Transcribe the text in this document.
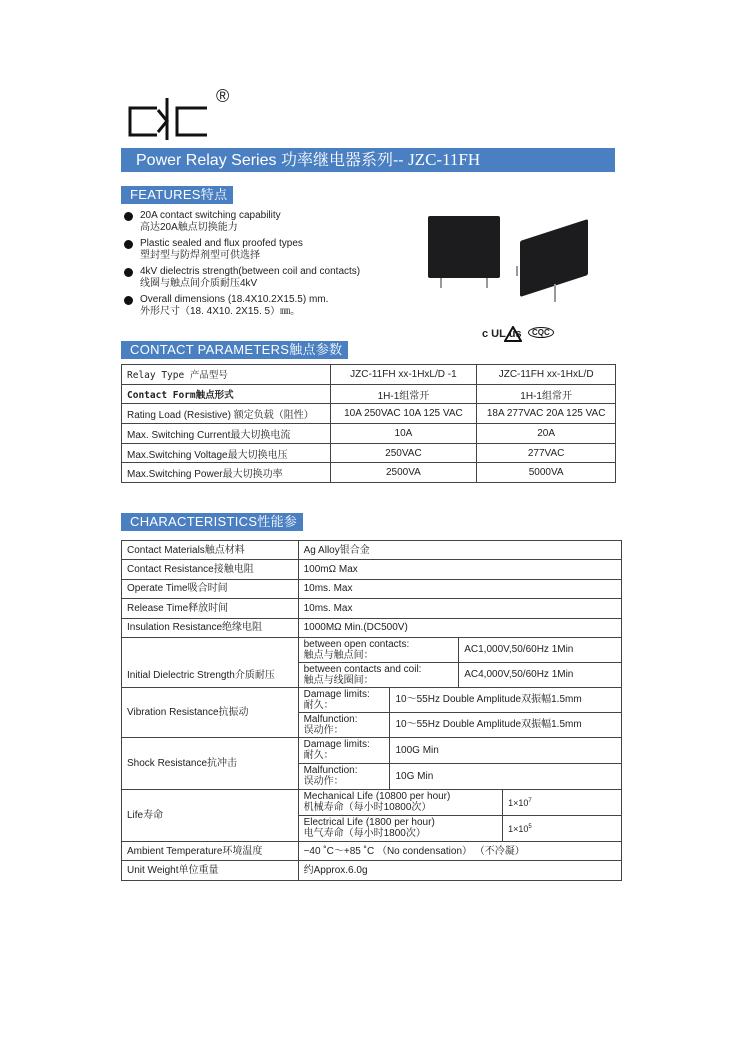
®
Power Relay Series 功率继电器系列-- JZC-11FH
FEATURES特点
20A contact switching capability
高达20A触点切换能力
Plastic sealed and flux proofed types
塑封型与防焊剂型可供选择
4kV dielectris strength(between coil and contacts)
线圈与触点间介质耐压4kV
Overall dimensions (18.4X10.2X15.5) mm.
外形尺寸（18. 4X10. 2X15. 5）㎜。
c UL us	CQC
CONTACT PARAMETERS触点参数
Relay Type 产品型号	JZC-11FH xx-1HxL/D -1	JZC-11FH xx-1HxL/D
Contact Form触点形式	1H-1组常开	1H-1组常开
Rating Load (Resistive) 额定负载（阻性）	10A 250VAC 10A 125 VAC	18A 277VAC 20A 125 VAC
Max. Switching Current最大切换电流	10A	20A
Max.Switching Voltage最大切换电压	250VAC	277VAC
Max.Switching Power最大切换功率	2500VA	5000VA
CHARACTERISTICS性能参数
Contact Materials触点材料	Ag Alloy银合金			
Contact Resistance接触电阻	100mΩ Max			
Operate Time吸合时间	10ms. Max			
Release Time释放时间	10ms. Max			
Insulation Resistance绝缘电阻	1000MΩ Min.(DC500V)			
Initial Dielectric Strength介质耐压	between open contacts:
触点与触点间：		AC1,000V,50/60Hz 1Min	

	between contacts and coil:
触点与线圈间：		AC4,000V,50/60Hz 1Min	
Vibration Resistance抗振动	Damage limits:
耐久：	10～55Hz Double Amplitude双振幅1.5mm		

	Malfunction:
误动作：	10～55Hz Double Amplitude双振幅1.5mm		
Shock Resistance抗冲击	Damage limits:
耐久：	100G Min		

	Malfunction:
误动作：	10G Min		
Life寿命	Mechanical Life (10800 per hour)
机械寿命（每小时10800次）			$1\times 10^7$

	Electrical Life (1800 per hour)
电气寿命（每小时1800次）			$1\times 10^5$
Ambient Temperature环境温度	−40 ˚C～+85 ˚C （No condensation） （不冷凝）			
Unit Weight单位重量	约Approx.6.0g			
